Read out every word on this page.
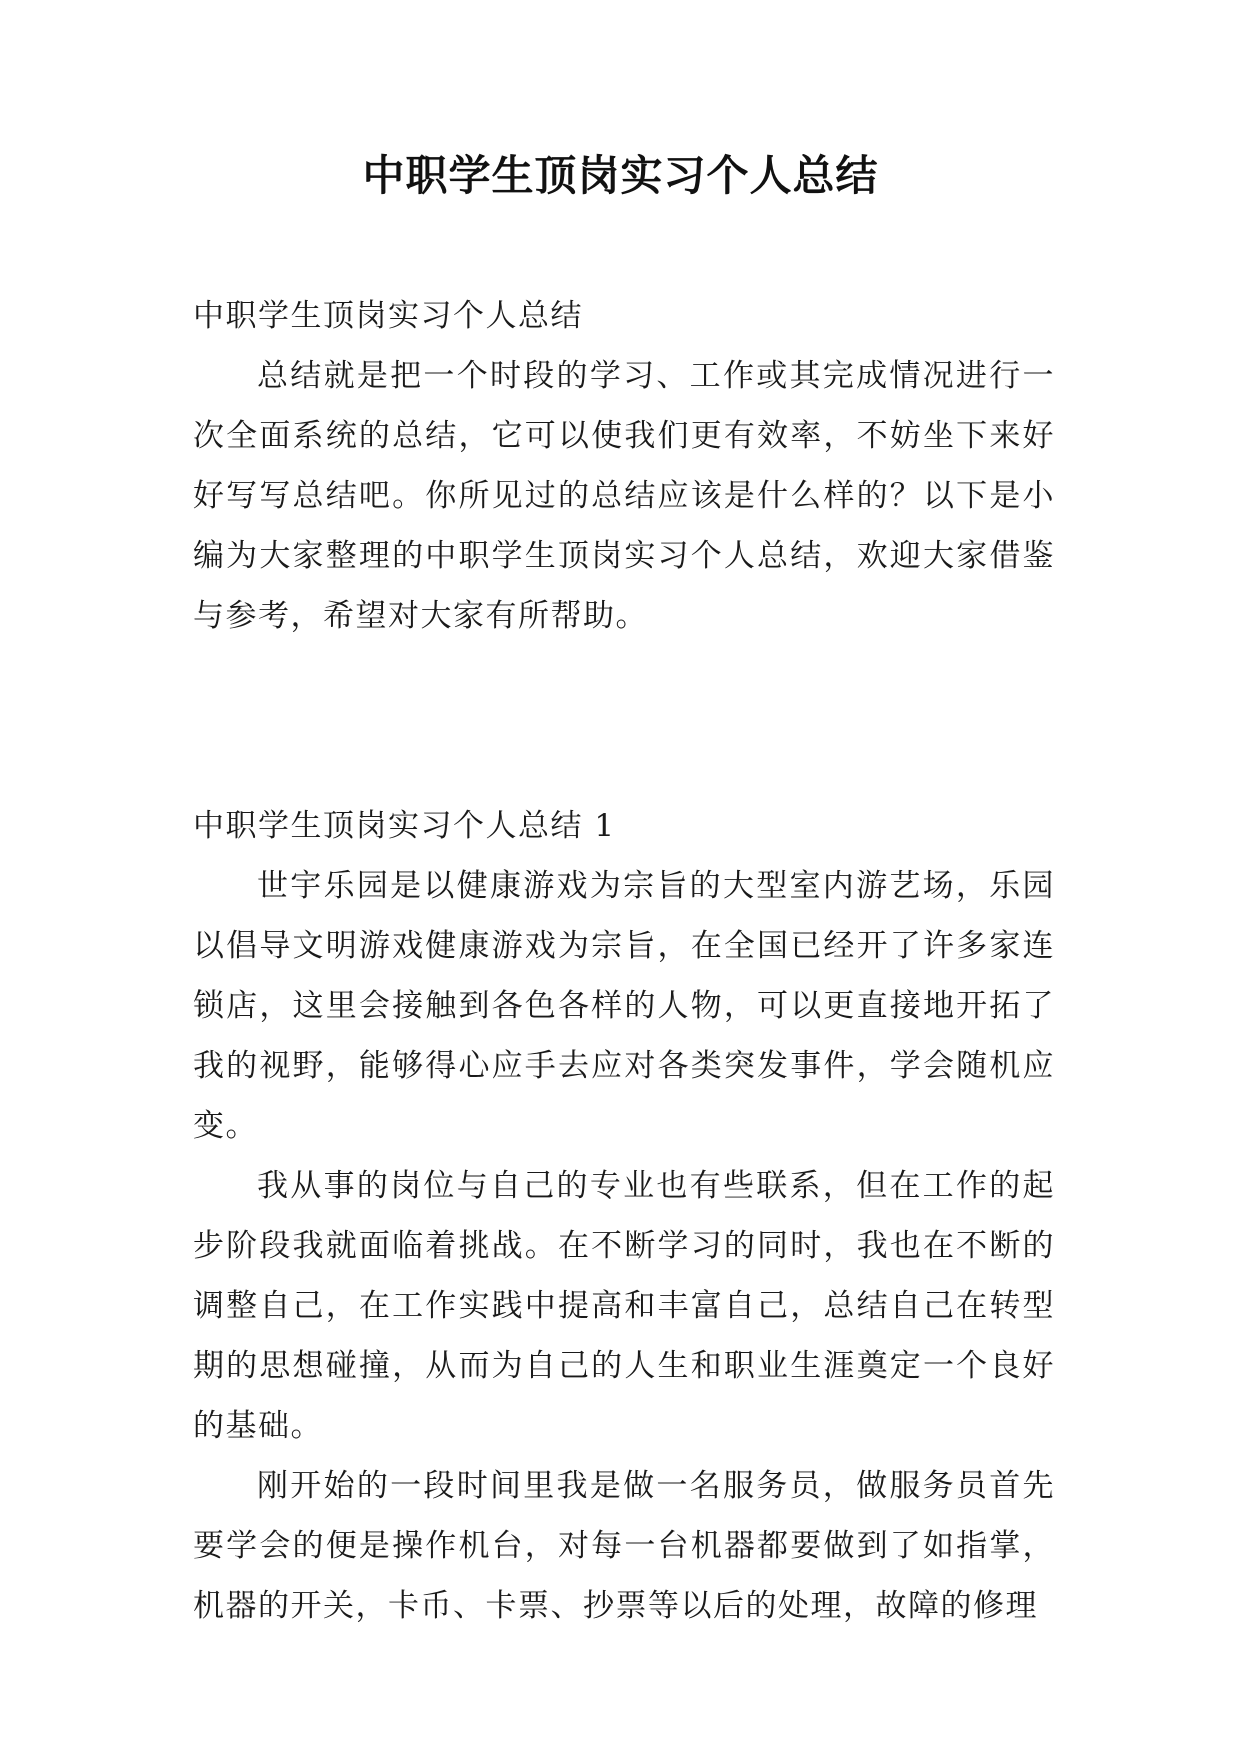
中职学生顶岗实习个人总结

中职学生顶岗实习个人总结

总结就是把一个时段的学习、工作或其完成情况进行一次全面系统的总结，它可以使我们更有效率，不妨坐下来好好写写总结吧。你所见过的总结应该是什么样的？以下是小编为大家整理的中职学生顶岗实习个人总结，欢迎大家借鉴与参考，希望对大家有所帮助。

中职学生顶岗实习个人总结 1

世宇乐园是以健康游戏为宗旨的大型室内游艺场，乐园以倡导文明游戏健康游戏为宗旨，在全国已经开了许多家连锁店，这里会接触到各色各样的人物，可以更直接地开拓了我的视野，能够得心应手去应对各类突发事件，学会随机应变。

我从事的岗位与自己的专业也有些联系，但在工作的起步阶段我就面临着挑战。在不断学习的同时，我也在不断的调整自己，在工作实践中提高和丰富自己，总结自己在转型期的思想碰撞，从而为自己的人生和职业生涯奠定一个良好的基础。

刚开始的一段时间里我是做一名服务员，做服务员首先要学会的便是操作机台，对每一台机器都要做到了如指掌，机器的开关，卡币、卡票、抄票等以后的处理，故障的修理
